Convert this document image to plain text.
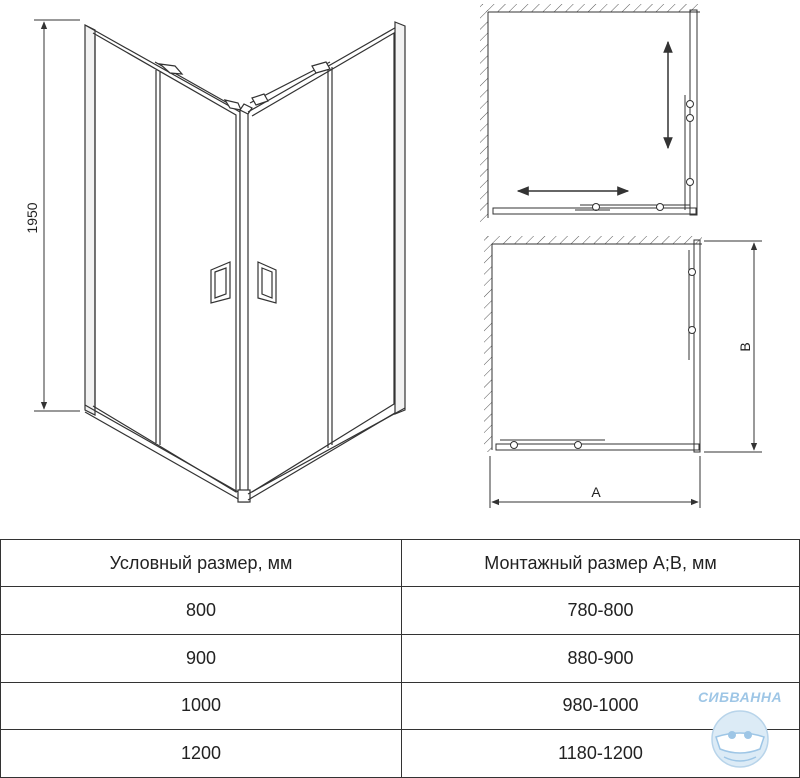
1950
A
B
Условный размер, мм	Монтажный размер А;В, мм
800	780-800
900	880-900
1000	980-1000
1200	1180-1200
СИБВАННА
